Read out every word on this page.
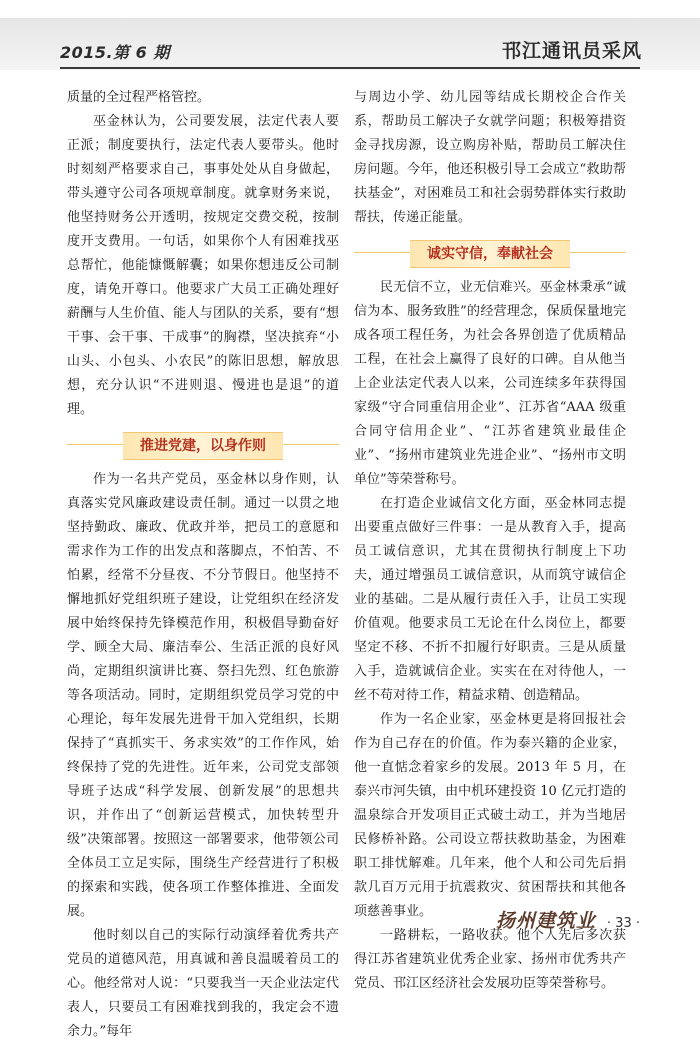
2015.第 6 期	邗江通讯员采风

质量的全过程严格管控。

巫金林认为，公司要发展，法定代表人要正派；制度要执行，法定代表人要带头。他时时刻刻严格要求自己，事事处处从自身做起，带头遵守公司各项规章制度。就拿财务来说，他坚持财务公开透明，按规定交费交税，按制度开支费用。一句话，如果你个人有困难找巫总帮忙，他能慷慨解囊；如果你想违反公司制度，请免开尊口。他要求广大员工正确处理好薪酬与人生价值、能人与团队的关系，要有“想干事、会干事、干成事”的胸襟，坚决摈弃“小山头、小包头、小农民”的陈旧思想，解放思想，充分认识“不进则退、慢进也是退”的道理。

推进党建，以身作则

作为一名共产党员，巫金林以身作则，认真落实党风廉政建设责任制。通过一以贯之地坚持勤政、廉政、优政并举，把员工的意愿和需求作为工作的出发点和落脚点，不怕苦、不怕累，经常不分昼夜、不分节假日。他坚持不懈地抓好党组织班子建设，让党组织在经济发展中始终保持先锋模范作用，积极倡导勤奋好学、顾全大局、廉洁奉公、生活正派的良好风尚，定期组织演讲比赛、祭扫先烈、红色旅游等各项活动。同时，定期组织党员学习党的中心理论，每年发展先进骨干加入党组织，长期保持了“真抓实干、务求实效”的工作作风，始终保持了党的先进性。近年来，公司党支部领导班子达成“科学发展、创新发展”的思想共识，并作出了“创新运营模式，加快转型升级”决策部署。按照这一部署要求，他带领公司全体员工立足实际，围绕生产经营进行了积极的探索和实践，使各项工作整体推进、全面发展。

他时刻以自己的实际行动演绎着优秀共产党员的道德风范，用真诚和善良温暖着员工的心。他经常对人说：“只要我当一天企业法定代表人，只要员工有困难找到我的，我定会不遗余力。”每年

与周边小学、幼儿园等结成长期校企合作关系，帮助员工解决子女就学问题；积极筹措资金寻找房源，设立购房补贴，帮助员工解决住房问题。今年，他还积极引导工会成立“救助帮扶基金”，对困难员工和社会弱势群体实行救助帮扶，传递正能量。

诚实守信，奉献社会

民无信不立，业无信难兴。巫金林秉承“诚信为本、服务致胜”的经营理念，保质保量地完成各项工程任务，为社会各界创造了优质精品工程，在社会上赢得了良好的口碑。自从他当上企业法定代表人以来，公司连续多年获得国家级“守合同重信用企业”、江苏省“AAA 级重合同守信用企业”、“江苏省建筑业最佳企业”、“扬州市建筑业先进企业”、“扬州市文明单位”等荣誉称号。

在打造企业诚信文化方面，巫金林同志提出要重点做好三件事：一是从教育入手，提高员工诚信意识，尤其在贯彻执行制度上下功夫，通过增强员工诚信意识，从而筑守诚信企业的基础。二是从履行责任入手，让员工实现价值观。他要求员工无论在什么岗位上，都要坚定不移、不折不扣履行好职责。三是从质量入手，造就诚信企业。实实在在对待他人，一丝不苟对待工作，精益求精、创造精品。

作为一名企业家，巫金林更是将回报社会作为自己存在的价值。作为泰兴籍的企业家，他一直惦念着家乡的发展。2013 年 5 月，在泰兴市河失镇，由中机环建投资 10 亿元打造的温泉综合开发项目正式破土动工，并为当地居民修桥补路。公司设立帮扶救助基金，为困难职工排忧解难。几年来，他个人和公司先后捐款几百万元用于抗震救灾、贫困帮扶和其他各项慈善事业。

一路耕耘，一路收获。他个人先后多次获得江苏省建筑业优秀企业家、扬州市优秀共产党员、邗江区经济社会发展功臣等荣誉称号。

扬州建筑业 · 33 ·
